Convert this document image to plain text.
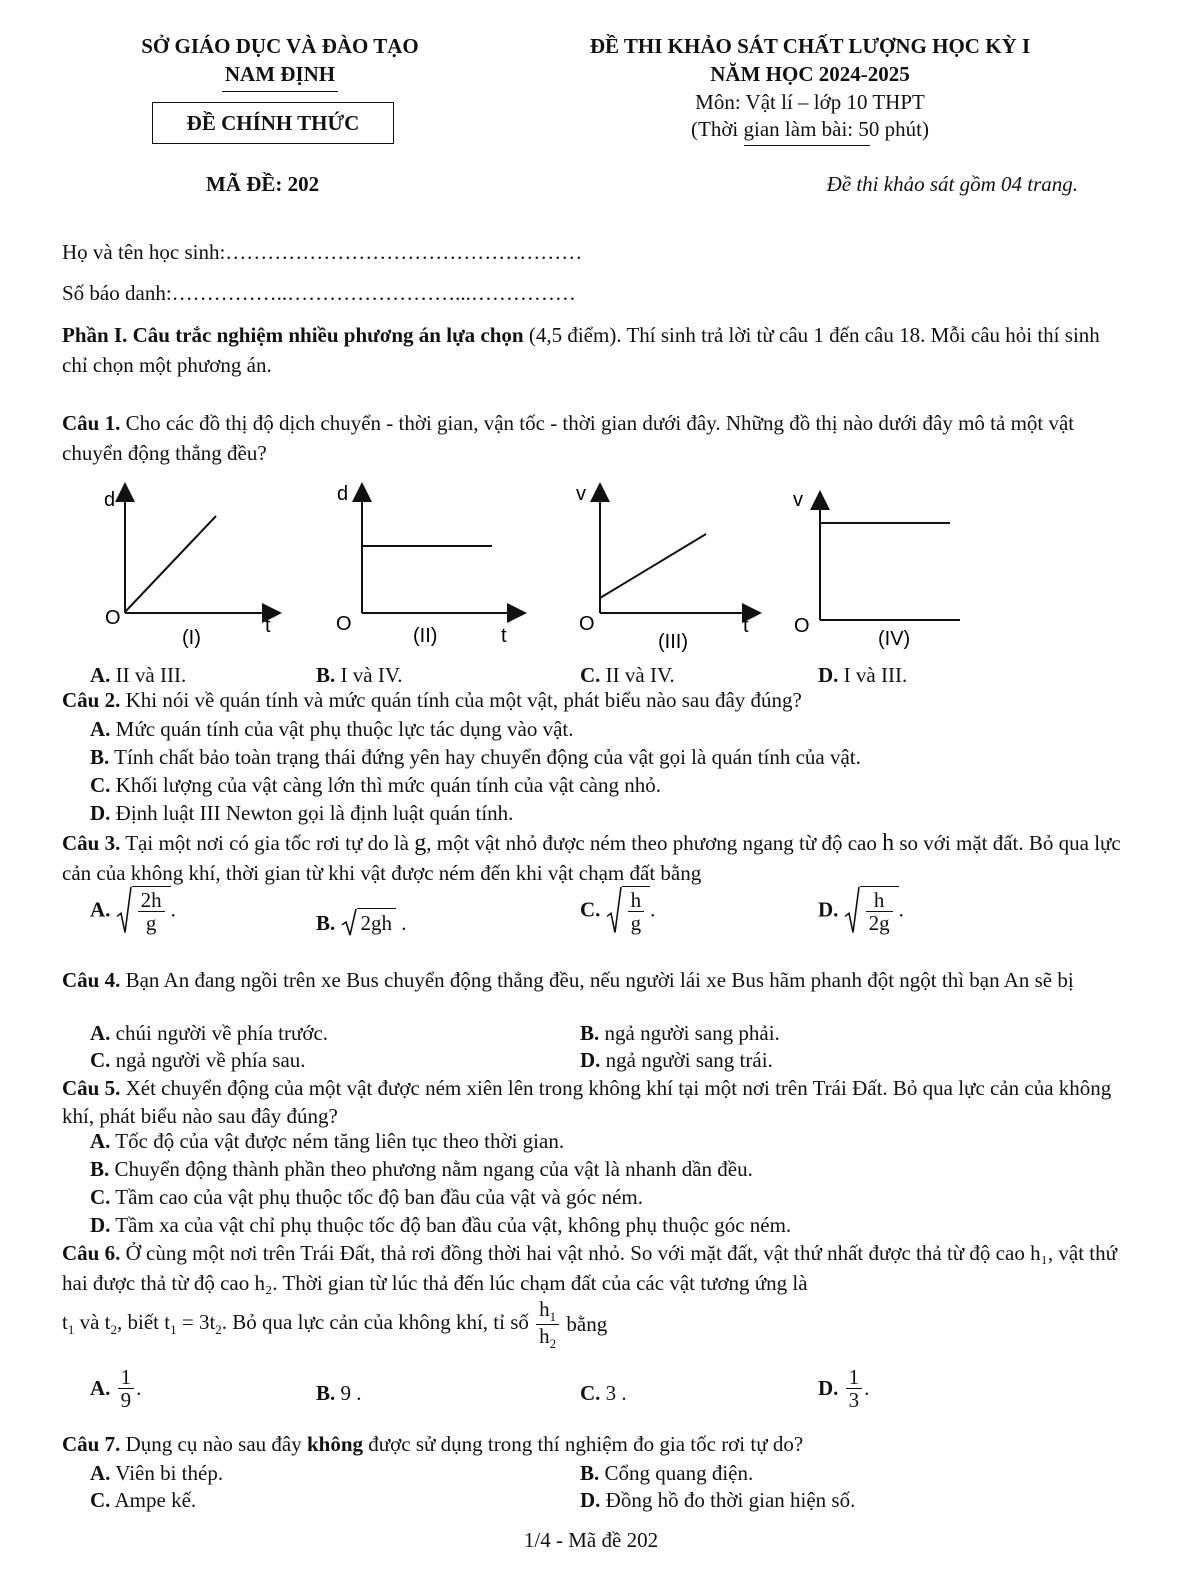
SỞ GIÁO DỤC VÀ ĐÀO TẠO
NAM ĐỊNH
ĐỀ CHÍNH THỨC
ĐỀ THI KHẢO SÁT CHẤT LƯỢNG HỌC KỲ I
NĂM HỌC 2024-2025
Môn: Vật lí – lớp 10 THPT
(Thời gian làm bài: 50 phút)
MÃ ĐỀ: 202	Đề thi khảo sát gồm 04 trang.
Họ và tên học sinh:……………………………………………
Số báo danh:……………..……………………...……………
Phần I. Câu trắc nghiệm nhiều phương án lựa chọn (4,5 điểm). Thí sinh trả lời từ câu 1 đến câu 18. Mỗi câu hỏi thí sinh chỉ chọn một phương án.
Câu 1. Cho các đồ thị độ dịch chuyển - thời gian, vận tốc - thời gian dưới đây. Những đồ thị nào dưới đây mô tả một vật chuyển động thẳng đều?
d
O	t
(I)
d
O
t
(II)
v
O	t
(III)
v
O
(IV)
A. II và III.	B. I và IV.	C. II và IV.	D. I và III.
Câu 2. Khi nói về quán tính và mức quán tính của một vật, phát biểu nào sau đây đúng?
A. Mức quán tính của vật phụ thuộc lực tác dụng vào vật.
B. Tính chất bảo toàn trạng thái đứng yên hay chuyển động của vật gọi là quán tính của vật.
C. Khối lượng của vật càng lớn thì mức quán tính của vật càng nhỏ.
D. Định luật III Newton gọi là định luật quán tính.
Câu 3. Tại một nơi có gia tốc rơi tự do là g, một vật nhỏ được ném theo phương ngang từ độ cao h so với mặt đất. Bỏ qua lực cản của không khí, thời gian từ khi vật được ném đến khi vật chạm đất bằng
A. $\frac{2h}{g}$ .
B. 2gh .
C. $\frac{h}{g}$ .	D. $\frac{h}{2g}$ .
Câu 4. Bạn An đang ngồi trên xe Bus chuyển động thẳng đều, nếu người lái xe Bus hãm phanh đột ngột thì bạn An sẽ bị
A. chúi người về phía trước.	B. ngả người sang phải.
C. ngả người về phía sau.	D. ngả người sang trái.
Câu 5. Xét chuyển động của một vật được ném xiên lên trong không khí tại một nơi trên Trái Đất. Bỏ qua lực cản của không khí, phát biểu nào sau đây đúng?
A. Tốc độ của vật được ném tăng liên tục theo thời gian.
B. Chuyển động thành phần theo phương nằm ngang của vật là nhanh dần đều.
C. Tầm cao của vật phụ thuộc tốc độ ban đầu của vật và góc ném.
D. Tầm xa của vật chỉ phụ thuộc tốc độ ban đầu của vật, không phụ thuộc góc ném.
Câu 6. Ở cùng một nơi trên Trái Đất, thả rơi đồng thời hai vật nhỏ. So với mặt đất, vật thứ nhất được thả từ độ cao h₁, vật thứ hai được thả từ độ cao h₂. Thời gian từ lúc thả đến lúc chạm đất của các vật tương ứng là
$t_1$ và $t_2$, biết $t_1 = 3t_2$. Bỏ qua lực cản của không khí, tỉ số $\frac{h_1}{h_2}$ bằng
A. $\frac{1}{9}$ .	B. 9 .	C. 3 .	D. $\frac{1}{3}$ .
Câu 7. Dụng cụ nào sau đây không được sử dụng trong thí nghiệm đo gia tốc rơi tự do?
A. Viên bi thép.	B. Cổng quang điện.
C. Ampe kế.	D. Đồng hồ đo thời gian hiện số.
1/4 - Mã đề 202
